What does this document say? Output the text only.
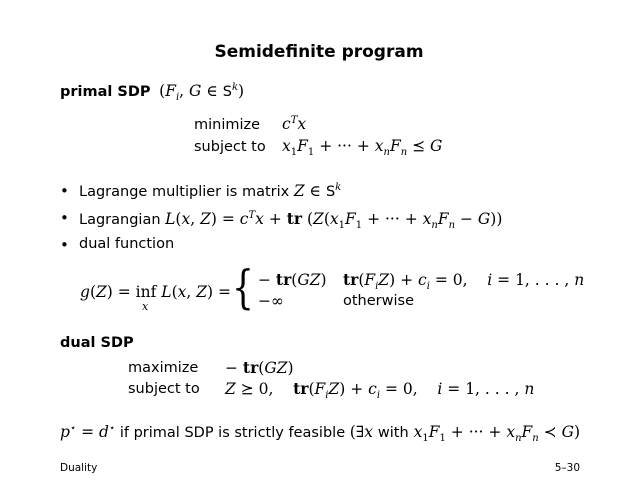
Semidefinite program
primal SDP ($F_i$, G ∈ $S^k$)
minimize $c^Tx$
subject to $x_1F_1$ + ··· + $x_nF_n$ ⪯ G
• Lagrange multiplier is matrix Z ∈ $S^k$
• Lagrangian L(x, $Z) = c^Tx$ + tr ($Z(x_1F_1$ + ··· + $x_nF_n - G$))
• dual function
g(Z) = inf L(x, Z) =
x { − tr(GZ) $tr(F_iZ) + c_i = 0$,    i = 1, . . . , n
−∞	otherwise
dual SDP
maximize − tr(GZ)
subject to Z ⪰ 0,    $tr(F_iZ) + c_i = 0$,    i = 1, . . . , n
p⋆ = d⋆ if primal SDP is strictly feasible (∃x with $x_1F_1$ + ··· + $x_nF_n$ ≺ G)
Duality	5–30
